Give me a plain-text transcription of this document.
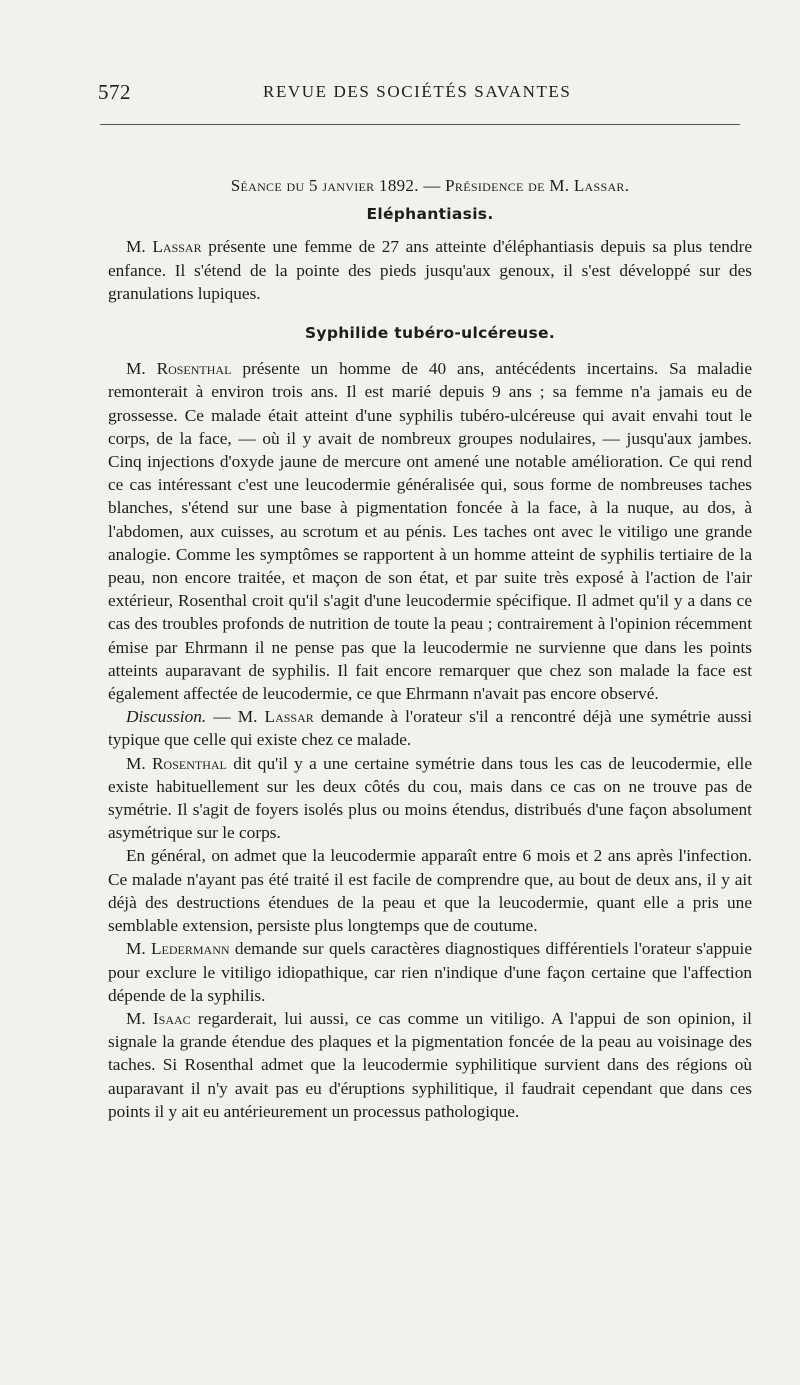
572	REVUE DES SOCIÉTÉS SAVANTES
Séance du 5 janvier 1892. — Présidence de M. Lassar.
Eléphantiasis.

M. Lassar présente une femme de 27 ans atteinte d'éléphantiasis depuis sa plus tendre enfance. Il s'étend de la pointe des pieds jusqu'aux genoux, il s'est développé sur des granulations lupiques.

Syphilide tubéro-ulcéreuse.

M. Rosenthal présente un homme de 40 ans, antécédents incertains. Sa maladie remonterait à environ trois ans. Il est marié depuis 9 ans ; sa femme n'a jamais eu de grossesse. Ce malade était atteint d'une syphilis tubéro-ulcéreuse qui avait envahi tout le corps, de la face, — où il y avait de nombreux groupes nodulaires, — jusqu'aux jambes. Cinq injections d'oxyde jaune de mercure ont amené une notable amélioration. Ce qui rend ce cas intéressant c'est une leucodermie généralisée qui, sous forme de nombreuses taches blanches, s'étend sur une base à pigmentation foncée à la face, à la nuque, au dos, à l'abdomen, aux cuisses, au scrotum et au pénis. Les taches ont avec le vitiligo une grande analogie. Comme les symptômes se rapportent à un homme atteint de syphilis tertiaire de la peau, non encore traitée, et maçon de son état, et par suite très exposé à l'action de l'air extérieur, Rosenthal croit qu'il s'agit d'une leucodermie spécifique. Il admet qu'il y a dans ce cas des troubles profonds de nutrition de toute la peau ; contrairement à l'opinion récemment émise par Ehrmann il ne pense pas que la leucodermie ne survienne que dans les points atteints auparavant de syphilis. Il fait encore remarquer que chez son malade la face est également affectée de leucodermie, ce que Ehrmann n'avait pas encore observé.

Discussion. — M. Lassar demande à l'orateur s'il a rencontré déjà une symétrie aussi typique que celle qui existe chez ce malade.

M. Rosenthal dit qu'il y a une certaine symétrie dans tous les cas de leucodermie, elle existe habituellement sur les deux côtés du cou, mais dans ce cas on ne trouve pas de symétrie. Il s'agit de foyers isolés plus ou moins étendus, distribués d'une façon absolument asymétrique sur le corps.

En général, on admet que la leucodermie apparaît entre 6 mois et 2 ans après l'infection. Ce malade n'ayant pas été traité il est facile de comprendre que, au bout de deux ans, il y ait déjà des destructions étendues de la peau et que la leucodermie, quant elle a pris une semblable extension, persiste plus longtemps que de coutume.

M. Ledermann demande sur quels caractères diagnostiques différentiels l'orateur s'appuie pour exclure le vitiligo idiopathique, car rien n'indique d'une façon certaine que l'affection dépende de la syphilis.

M. Isaac regarderait, lui aussi, ce cas comme un vitiligo. A l'appui de son opinion, il signale la grande étendue des plaques et la pigmentation foncée de la peau au voisinage des taches. Si Rosenthal admet que la leucodermie syphilitique survient dans des régions où auparavant il n'y avait pas eu d'éruptions syphilitique, il faudrait cependant que dans ces points il y ait eu antérieurement un processus pathologique.
